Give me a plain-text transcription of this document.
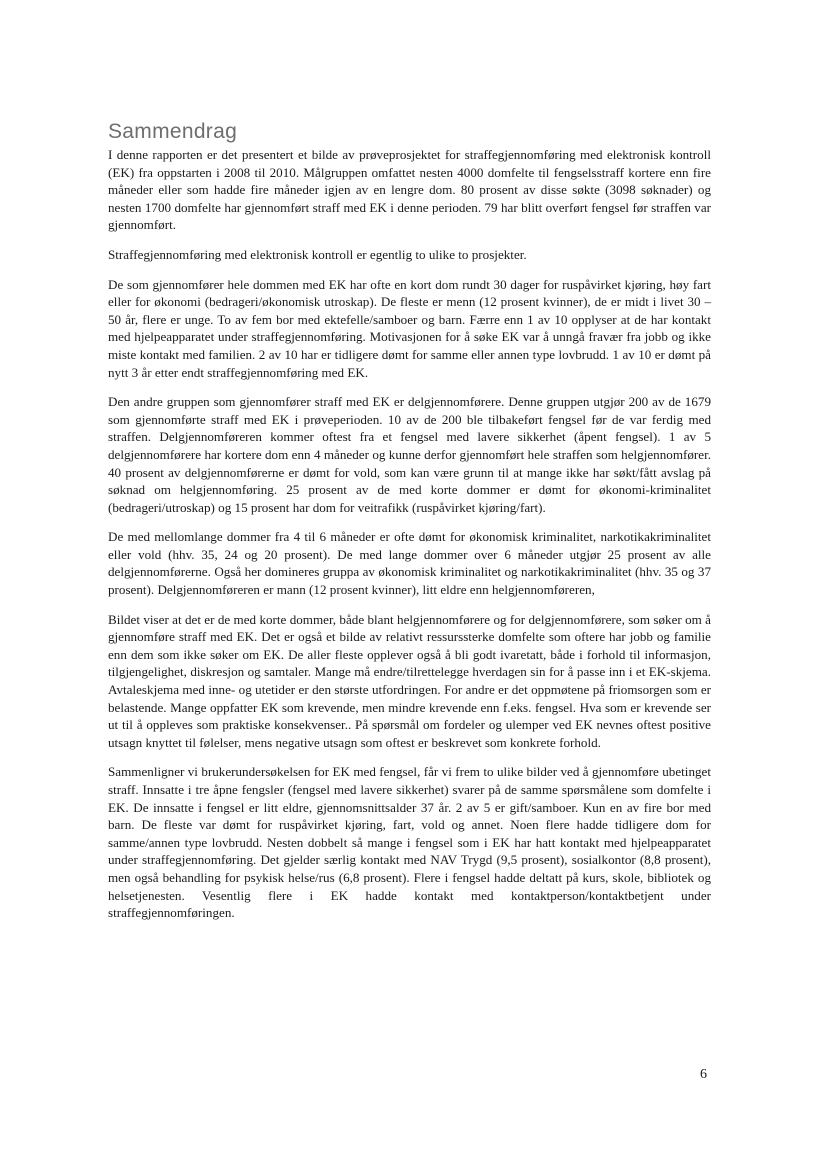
Sammendrag

I denne rapporten er det presentert et bilde av prøveprosjektet for straffegjennomføring med elektronisk kontroll (EK) fra oppstarten i 2008 til 2010. Målgruppen omfattet nesten 4000 domfelte til fengselsstraff kortere enn fire måneder eller som hadde fire måneder igjen av en lengre dom. 80 prosent av disse søkte (3098 søknader) og nesten 1700 domfelte har gjennomført straff med EK i denne perioden. 79 har blitt overført fengsel før straffen var gjennomført.

Straffegjennomføring med elektronisk kontroll er egentlig to ulike to prosjekter.

De som gjennomfører hele dommen med EK har ofte en kort dom rundt 30 dager for ruspåvirket kjøring, høy fart eller for økonomi (bedrageri/økonomisk utroskap). De fleste er menn (12 prosent kvinner), de er midt i livet 30 – 50 år, flere er unge. To av fem bor med ektefelle/samboer og barn. Færre enn 1 av 10 opplyser at de har kontakt med hjelpeapparatet under straffegjennomføring. Motivasjonen for å søke EK var å unngå fravær fra jobb og ikke miste kontakt med familien. 2 av 10 har er tidligere dømt for samme eller annen type lovbrudd. 1 av 10 er dømt på nytt 3 år etter endt straffegjennomføring med EK.

Den andre gruppen som gjennomfører straff med EK er delgjennomførere. Denne gruppen utgjør 200 av de 1679 som gjennomførte straff med EK i prøveperioden. 10 av de 200 ble tilbakeført fengsel før de var ferdig med straffen. Delgjennomføreren kommer oftest fra et fengsel med lavere sikkerhet (åpent fengsel). 1 av 5 delgjennomførere har kortere dom enn 4 måneder og kunne derfor gjennomført hele straffen som helgjennomfører. 40 prosent av delgjennomførerne er dømt for vold, som kan være grunn til at mange ikke har søkt/fått avslag på søknad om helgjennomføring. 25 prosent av de med korte dommer er dømt for økonomi-kriminalitet (bedrageri/utroskap) og 15 prosent har dom for veitrafikk (ruspåvirket kjøring/fart).

De med mellomlange dommer fra 4 til 6 måneder er ofte dømt for økonomisk kriminalitet, narkotikakriminalitet eller vold (hhv. 35, 24 og 20 prosent). De med lange dommer over 6 måneder utgjør 25 prosent av alle delgjennomførerne. Også her domineres gruppa av økonomisk kriminalitet og narkotikakriminalitet (hhv. 35 og 37 prosent). Delgjennomføreren er mann (12 prosent kvinner), litt eldre enn helgjennomføreren,

Bildet viser at det er de med korte dommer, både blant helgjennomførere og for delgjennomførere, som søker om å gjennomføre straff med EK. Det er også et bilde av relativt ressurssterke domfelte som oftere har jobb og familie enn dem som ikke søker om EK. De aller fleste opplever også å bli godt ivaretatt, både i forhold til informasjon, tilgjengelighet, diskresjon og samtaler. Mange må endre/tilrettelegge hverdagen sin for å passe inn i et EK-skjema. Avtaleskjema med inne- og utetider er den største utfordringen. For andre er det oppmøtene på friomsorgen som er belastende. Mange oppfatter EK som krevende, men mindre krevende enn f.eks. fengsel. Hva som er krevende ser ut til å oppleves som praktiske konsekvenser.. På spørsmål om fordeler og ulemper ved EK nevnes oftest positive utsagn knyttet til følelser, mens negative utsagn som oftest er beskrevet som konkrete forhold.

Sammenligner vi brukerundersøkelsen for EK med fengsel, får vi frem to ulike bilder ved å gjennomføre ubetinget straff. Innsatte i tre åpne fengsler (fengsel med lavere sikkerhet) svarer på de samme spørsmålene som domfelte i EK. De innsatte i fengsel er litt eldre, gjennomsnittsalder 37 år. 2 av 5 er gift/samboer. Kun en av fire bor med barn. De fleste var dømt for ruspåvirket kjøring, fart, vold og annet. Noen flere hadde tidligere dom for samme/annen type lovbrudd. Nesten dobbelt så mange i fengsel som i EK har hatt kontakt med hjelpeapparatet under straffegjennomføring. Det gjelder særlig kontakt med NAV Trygd (9,5 prosent), sosialkontor (8,8 prosent), men også behandling for psykisk helse/rus (6,8 prosent). Flere i fengsel hadde deltatt på kurs, skole, bibliotek og helsetjenesten. Vesentlig flere i EK hadde kontakt med kontaktperson/kontaktbetjent under straffegjennomføringen.

6
